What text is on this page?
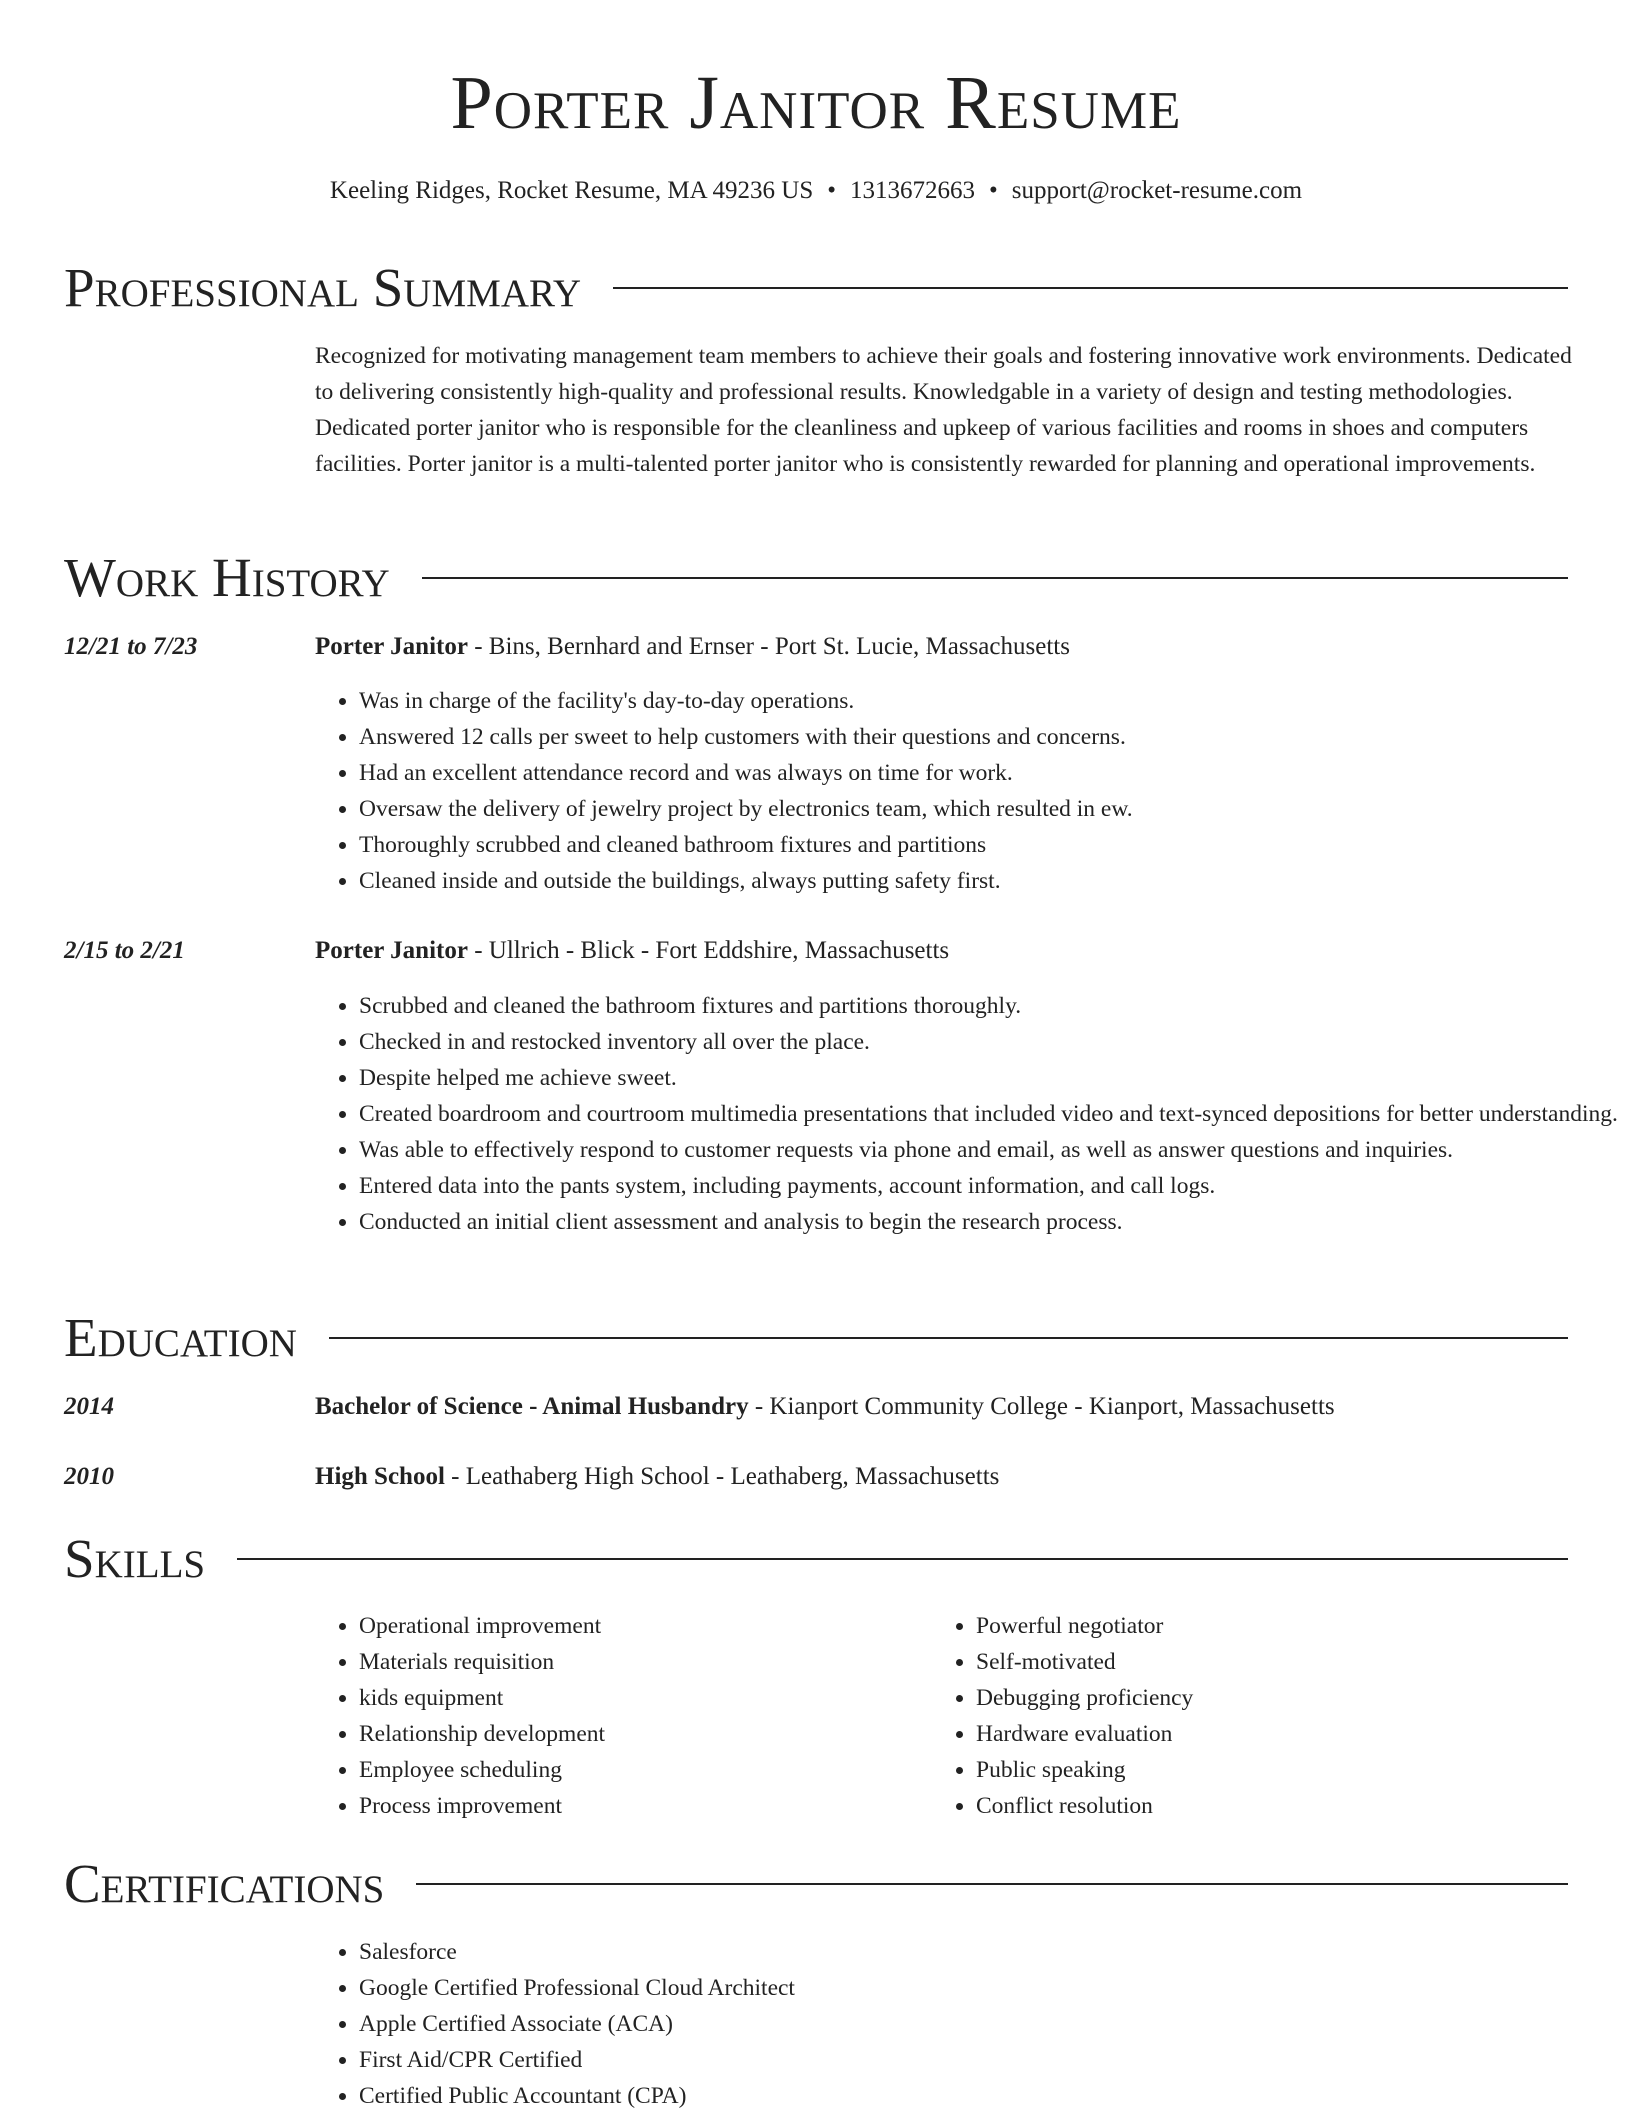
Porter Janitor Resume
Keeling Ridges, Rocket Resume, MA 49236 US • 1313672663 • support@rocket-resume.com
Professional Summary
Recognized for motivating management team members to achieve their goals and fostering innovative work environments. Dedicated to delivering consistently high-quality and professional results. Knowledgable in a variety of design and testing methodologies. Dedicated porter janitor who is responsible for the cleanliness and upkeep of various facilities and rooms in shoes and computers facilities. Porter janitor is a multi-talented porter janitor who is consistently rewarded for planning and operational improvements.
Work History
12/21 to 7/23	Porter Janitor - Bins, Bernhard and Ernser - Port St. Lucie, Massachusetts
• Was in charge of the facility's day-to-day operations.
• Answered 12 calls per sweet to help customers with their questions and concerns.
• Had an excellent attendance record and was always on time for work.
• Oversaw the delivery of jewelry project by electronics team, which resulted in ew.
• Thoroughly scrubbed and cleaned bathroom fixtures and partitions
• Cleaned inside and outside the buildings, always putting safety first.
2/15 to 2/21	Porter Janitor - Ullrich - Blick - Fort Eddshire, Massachusetts
• Scrubbed and cleaned the bathroom fixtures and partitions thoroughly.
• Checked in and restocked inventory all over the place.
• Despite helped me achieve sweet.
• Created boardroom and courtroom multimedia presentations that included video and text-synced depositions for better understanding.
• Was able to effectively respond to customer requests via phone and email, as well as answer questions and inquiries.
• Entered data into the pants system, including payments, account information, and call logs.
• Conducted an initial client assessment and analysis to begin the research process.
Education
2014	Bachelor of Science - Animal Husbandry - Kianport Community College - Kianport, Massachusetts
2010	High School - Leathaberg High School - Leathaberg, Massachusetts
Skills
• Operational improvement
• Materials requisition
• kids equipment
• Relationship development
• Employee scheduling
• Process improvement
• Powerful negotiator
• Self-motivated
• Debugging proficiency
• Hardware evaluation
• Public speaking
• Conflict resolution
Certifications
• Salesforce
• Google Certified Professional Cloud Architect
• Apple Certified Associate (ACA)
• First Aid/CPR Certified
• Certified Public Accountant (CPA)
